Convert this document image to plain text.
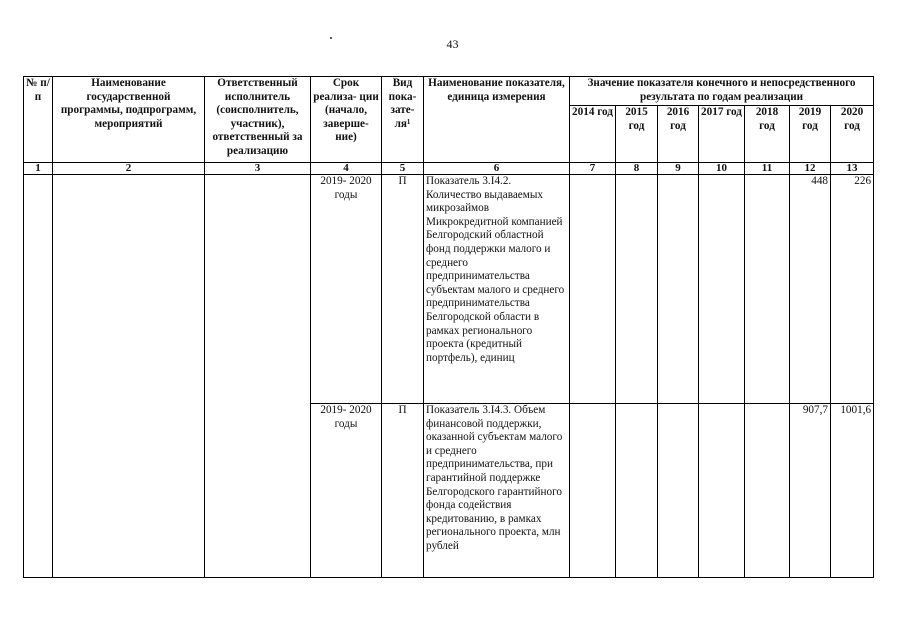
43
№ п/п	Наименование государственной программы, подпрограмм, мероприятий	Ответственный исполнитель (соисполнитель, участник), ответственный за реализацию	Срок реализа- ции (начало, заверше- ние)	Вид пока- зате- ля¹	Наименование показателя, единица измерения	Значение показателя конечного и непосредственного результата по годам реализации						
						2014 год	2015 год	2016 год	2017 год	2018 год	2019 год	2020 год
1	2	3	4	5	6	7	8	9	10	11	12	13
			2019- 2020 годы	П	Показатель 3.I4.2. Количество выдаваемых микрозаймов Микрокредитной компанией Белгородский областной фонд поддержки малого и среднего предпринимательства субъектам малого и среднего предпринимательства Белгородской области в рамках регионального проекта (кредитный портфель), единиц						448	226
			2019- 2020 годы	П	Показатель 3.I4.3. Объем финансовой поддержки, оказанной субъектам малого и среднего предпринимательства, при гарантийной поддержке Белгородского гарантийного фонда содействия кредитованию, в рамках регионального проекта, млн рублей						907,7	1001,6
